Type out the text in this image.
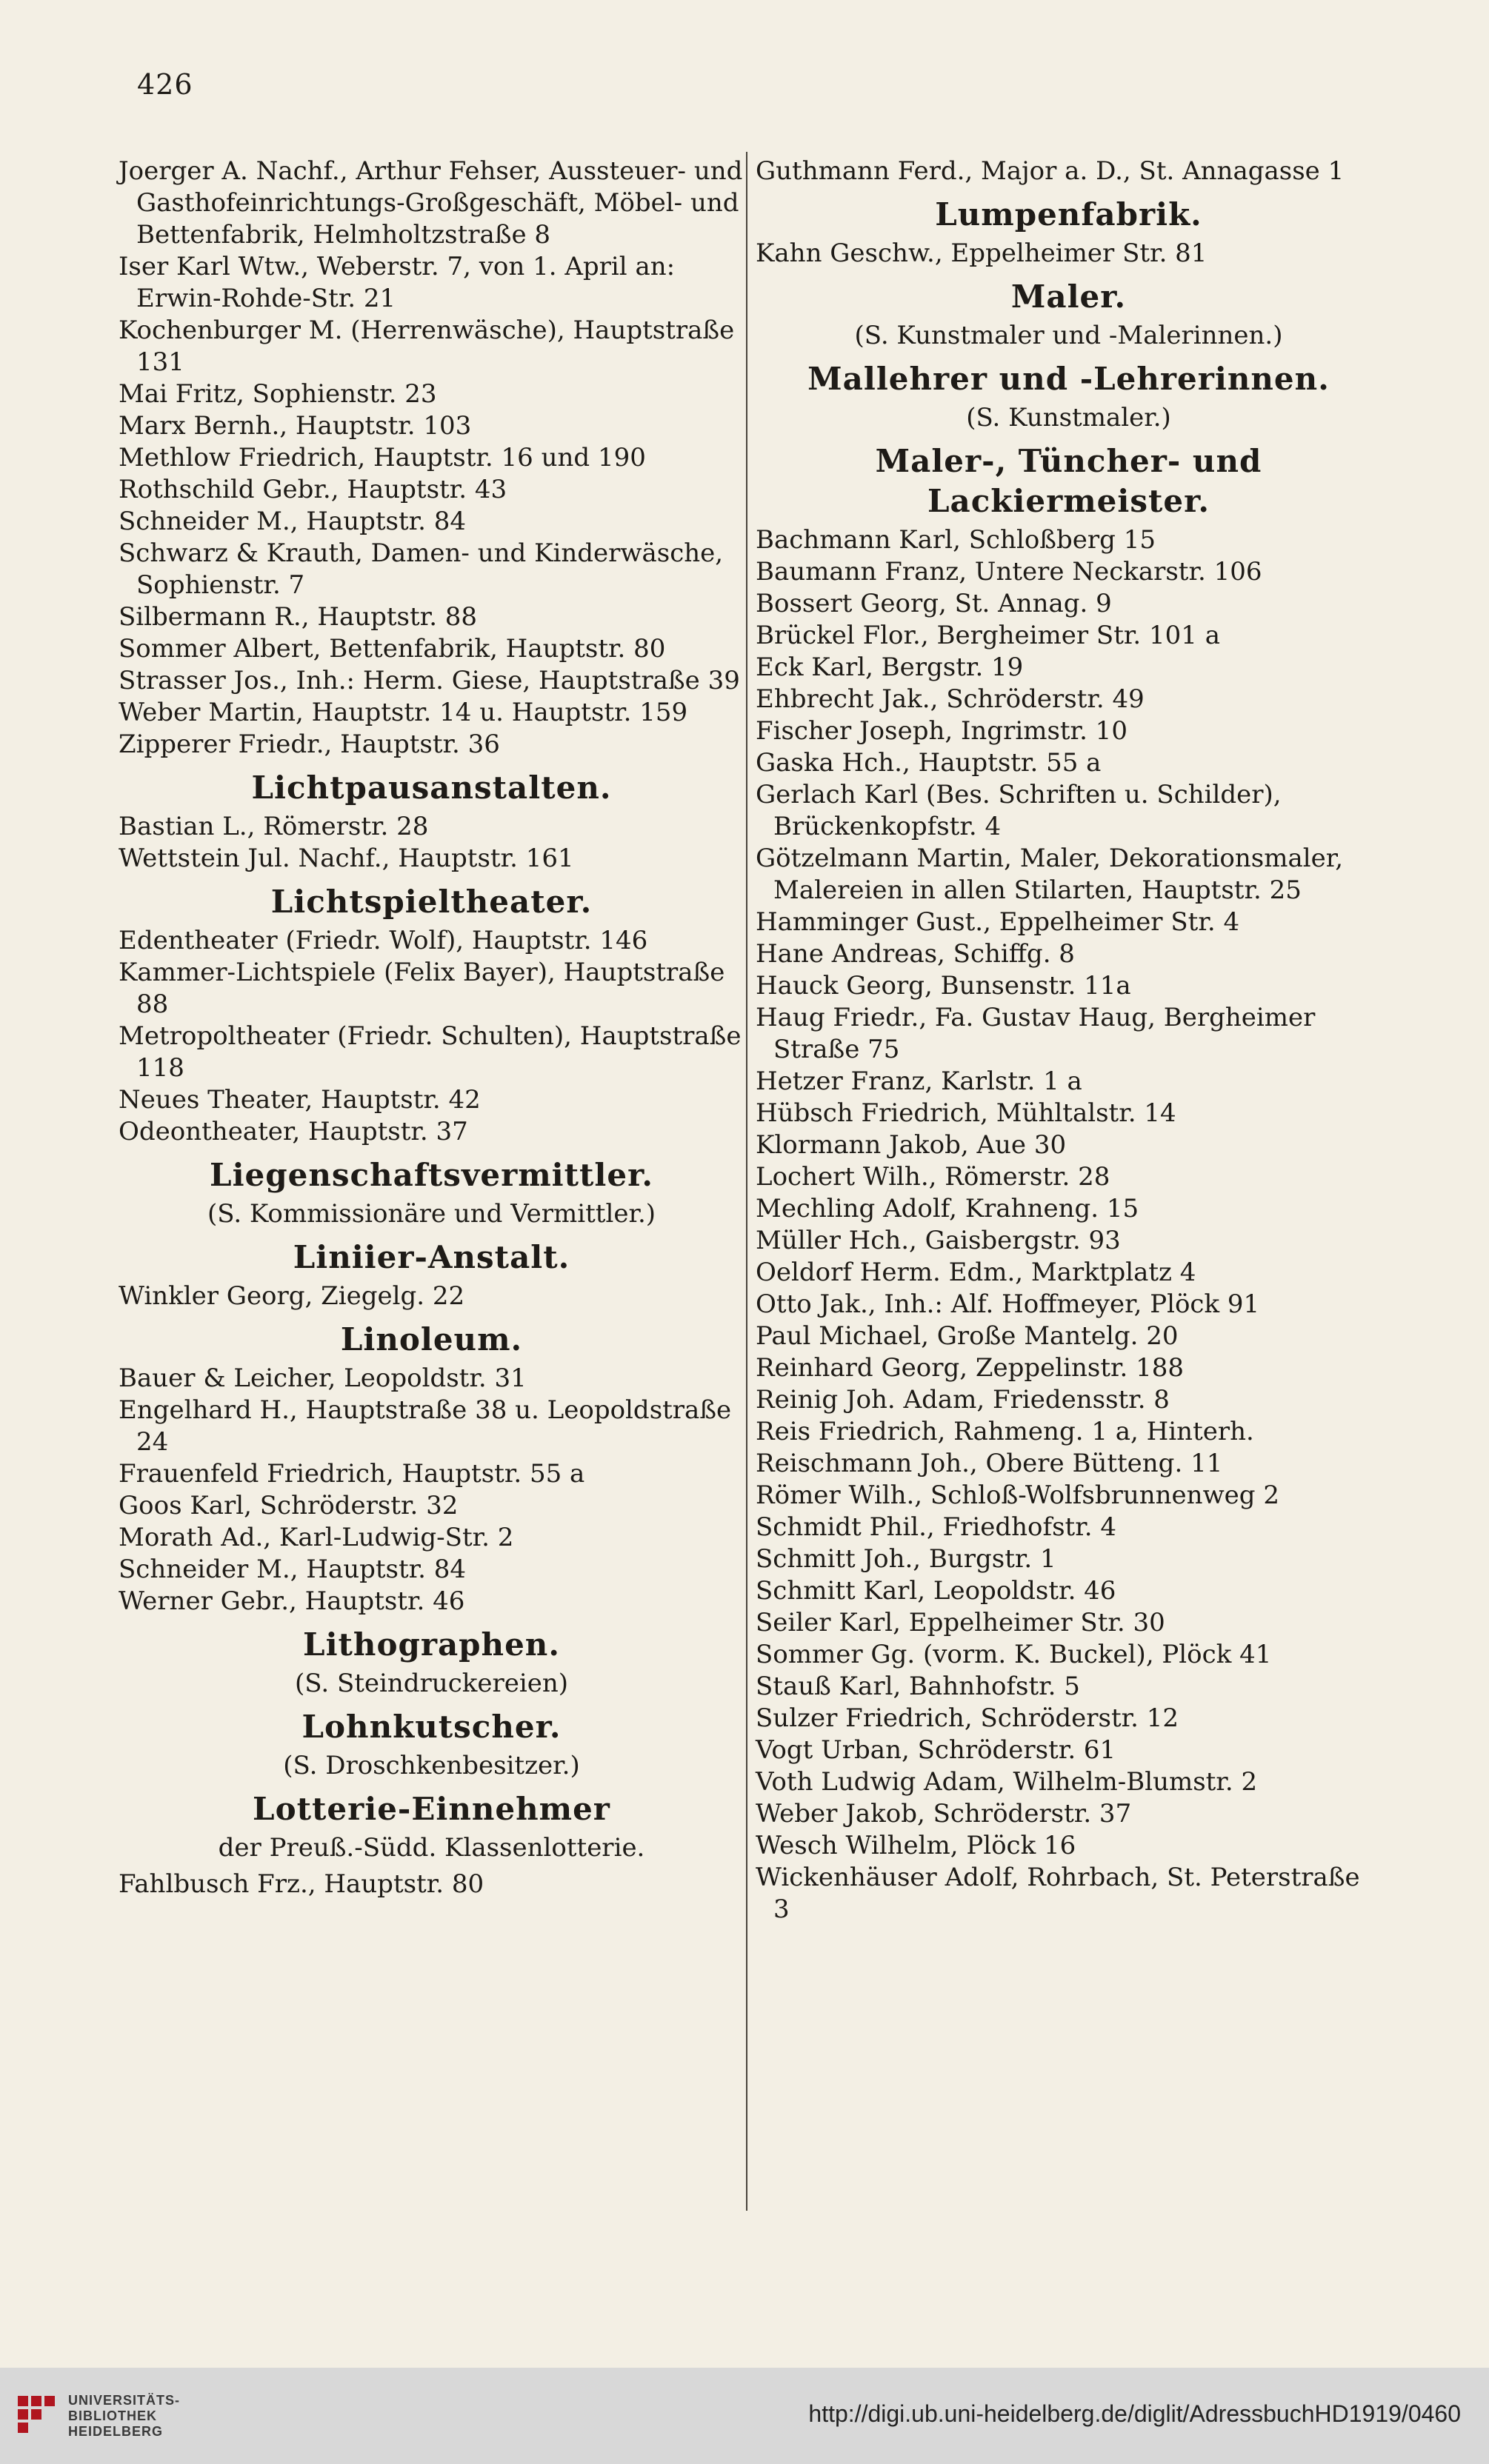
426
Joerger A. Nachf., Arthur Fehser, Aussteuer- und Gasthofeinrichtungs-Großgeschäft, Möbel- und Bettenfabrik, Helmholtzstraße 8
Iser Karl Wtw., Weberstr. 7, von 1. April an: Erwin-Rohde-Str. 21
Kochenburger M. (Herrenwäsche), Hauptstraße 131
Mai Fritz, Sophienstr. 23
Marx Bernh., Hauptstr. 103
Methlow Friedrich, Hauptstr. 16 und 190
Rothschild Gebr., Hauptstr. 43
Schneider M., Hauptstr. 84
Schwarz & Krauth, Damen- und Kinderwäsche, Sophienstr. 7
Silbermann R., Hauptstr. 88
Sommer Albert, Bettenfabrik, Hauptstr. 80
Strasser Jos., Inh.: Herm. Giese, Hauptstraße 39
Weber Martin, Hauptstr. 14 u. Hauptstr. 159
Zipperer Friedr., Hauptstr. 36
Lichtpausanstalten.
Bastian L., Römerstr. 28
Wettstein Jul. Nachf., Hauptstr. 161
Lichtspieltheater.
Edentheater (Friedr. Wolf), Hauptstr. 146
Kammer-Lichtspiele (Felix Bayer), Hauptstraße 88
Metropoltheater (Friedr. Schulten), Hauptstraße 118
Neues Theater, Hauptstr. 42
Odeontheater, Hauptstr. 37
Liegenschaftsvermittler.
(S. Kommissionäre und Vermittler.)
Liniier-Anstalt.
Winkler Georg, Ziegelg. 22
Linoleum.
Bauer & Leicher, Leopoldstr. 31
Engelhard H., Hauptstraße 38 u. Leopoldstraße 24
Frauenfeld Friedrich, Hauptstr. 55 a
Goos Karl, Schröderstr. 32
Morath Ad., Karl-Ludwig-Str. 2
Schneider M., Hauptstr. 84
Werner Gebr., Hauptstr. 46
Lithographen.
(S. Steindruckereien)
Lohnkutscher.
(S. Droschkenbesitzer.)
Lotterie-Einnehmer
der Preuß.-Südd. Klassenlotterie.
Fahlbusch Frz., Hauptstr. 80
Guthmann Ferd., Major a. D., St. Annagasse 1
Lumpenfabrik.
Kahn Geschw., Eppelheimer Str. 81
Maler.
(S. Kunstmaler und -Malerinnen.)
Mallehrer und -Lehrerinnen.
(S. Kunstmaler.)
Maler-, Tüncher- und Lackiermeister.
Bachmann Karl, Schloßberg 15
Baumann Franz, Untere Neckarstr. 106
Bossert Georg, St. Annag. 9
Brückel Flor., Bergheimer Str. 101 a
Eck Karl, Bergstr. 19
Ehbrecht Jak., Schröderstr. 49
Fischer Joseph, Ingrimstr. 10
Gaska Hch., Hauptstr. 55 a
Gerlach Karl (Bes. Schriften u. Schilder), Brückenkopfstr. 4
Götzelmann Martin, Maler, Dekorationsmaler, Malereien in allen Stilarten, Hauptstr. 25
Hamminger Gust., Eppelheimer Str. 4
Hane Andreas, Schiffg. 8
Hauck Georg, Bunsenstr. 11a
Haug Friedr., Fa. Gustav Haug, Bergheimer Straße 75
Hetzer Franz, Karlstr. 1 a
Hübsch Friedrich, Mühltalstr. 14
Klormann Jakob, Aue 30
Lochert Wilh., Römerstr. 28
Mechling Adolf, Krahneng. 15
Müller Hch., Gaisbergstr. 93
Oeldorf Herm. Edm., Marktplatz 4
Otto Jak., Inh.: Alf. Hoffmeyer, Plöck 91
Paul Michael, Große Mantelg. 20
Reinhard Georg, Zeppelinstr. 188
Reinig Joh. Adam, Friedensstr. 8
Reis Friedrich, Rahmeng. 1 a, Hinterh.
Reischmann Joh., Obere Bütteng. 11
Römer Wilh., Schloß-Wolfsbrunnenweg 2
Schmidt Phil., Friedhofstr. 4
Schmitt Joh., Burgstr. 1
Schmitt Karl, Leopoldstr. 46
Seiler Karl, Eppelheimer Str. 30
Sommer Gg. (vorm. K. Buckel), Plöck 41
Stauß Karl, Bahnhofstr. 5
Sulzer Friedrich, Schröderstr. 12
Vogt Urban, Schröderstr. 61
Voth Ludwig Adam, Wilhelm-Blumstr. 2
Weber Jakob, Schröderstr. 37
Wesch Wilhelm, Plöck 16
Wickenhäuser Adolf, Rohrbach, St. Peterstraße 3
UNIVERSITÄTS-
BIBLIOTHEK
HEIDELBERG
http://digi.ub.uni-heidelberg.de/diglit/AdressbuchHD1919/0460
